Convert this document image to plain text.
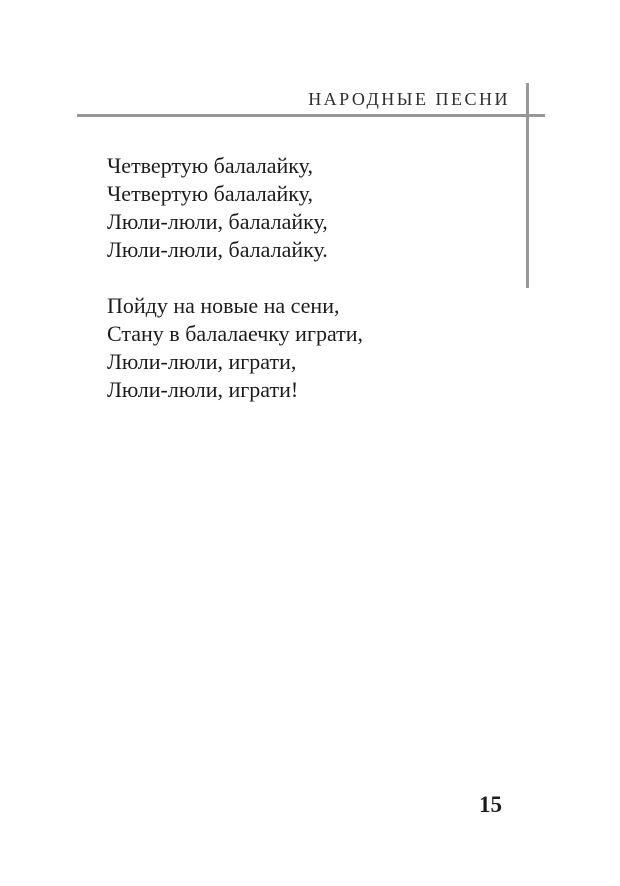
НАРОДНЫЕ ПЕСНИ
Четвертую балалайку,
Четвертую балалайку,
Люли-люли, балалайку,
Люли-люли, балалайку.
Пойду на новые на сени,
Стану в балалаечку играти,
Люли-люли, играти,
Люли-люли, играти!
15
